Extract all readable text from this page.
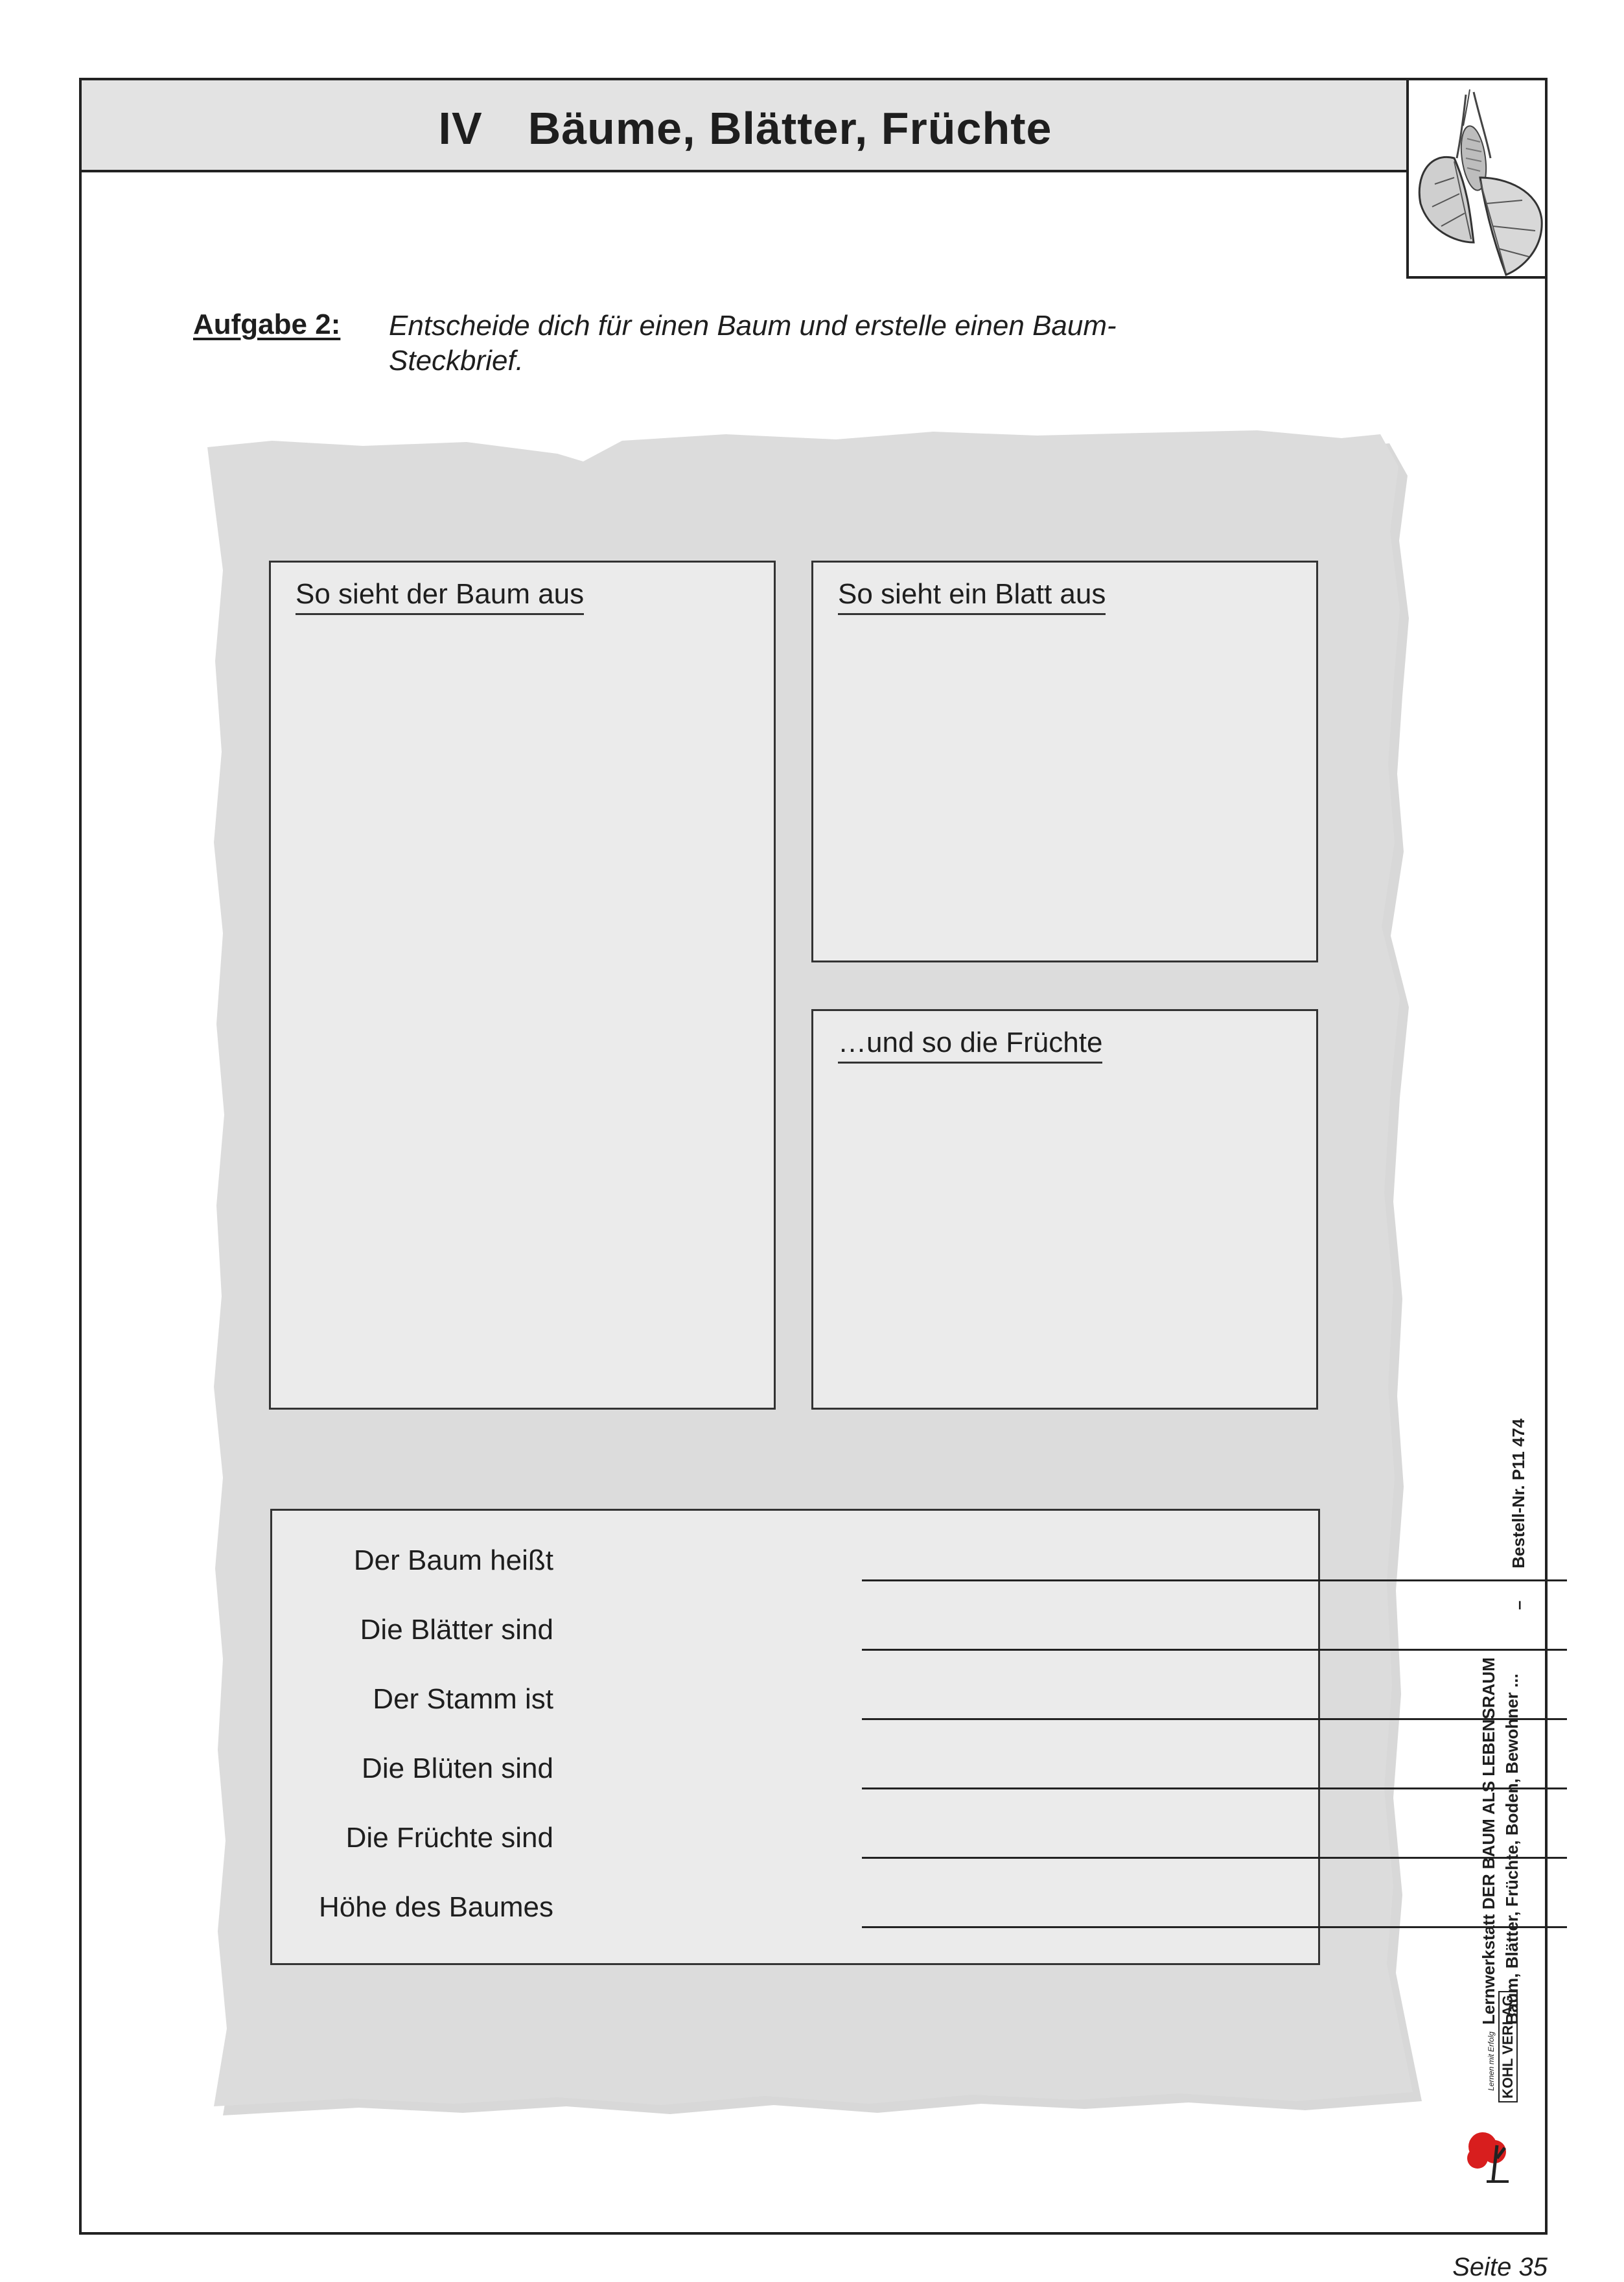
IV Bäume, Blätter, Früchte
Aufgabe 2: Entscheide dich für einen Baum und erstelle einen Baum-Steckbrief.
So sieht der Baum aus	So sieht ein Blatt aus
…und so die Früchte
Der Baum heißt
Die Blätter sind
Der Stamm ist
Die Blüten sind
Die Früchte sind
Höhe des Baumes
Bestell-Nr. P11 474
–
Lernwerkstatt DER BAUM ALS LEBENSRAUM Baum, Blätter, Früchte, Boden, Bewohner ...
Lernen mit Erfolg KOHL VERLAG
Seite 35
